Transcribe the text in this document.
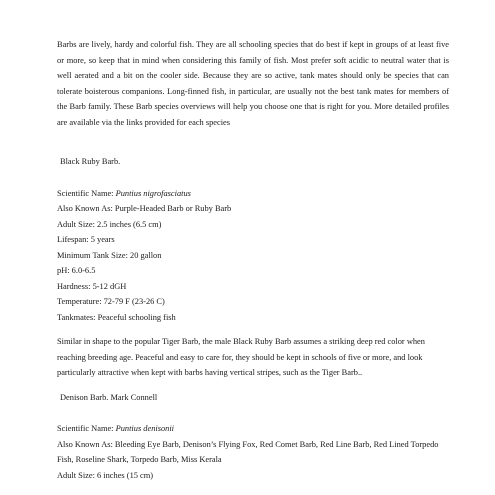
Barbs are lively, hardy and colorful fish. They are all schooling species that do best if kept in groups of at least five or more, so keep that in mind when considering this family of fish. Most prefer soft acidic to neutral water that is well aerated and a bit on the cooler side. Because they are so active, tank mates should only be species that can tolerate boisterous companions. Long-finned fish, in particular, are usually not the best tank mates for members of the Barb family. These Barb species overviews will help you choose one that is right for you. More detailed profiles are available via the links provided for each species

Black Ruby Barb.

Scientific Name: Puntius nigrofasciatus

Also Known As: Purple-Headed Barb or Ruby Barb

Adult Size: 2.5 inches (6.5 cm)

Lifespan: 5 years

Minimum Tank Size: 20 gallon

pH: 6.0-6.5

Hardness: 5-12 dGH

Temperature: 72-79 F (23-26 C)

Tankmates: Peaceful schooling fish

Similar in shape to the popular Tiger Barb, the male Black Ruby Barb assumes a striking deep red color when reaching breeding age. Peaceful and easy to care for, they should be kept in schools of five or more, and look particularly attractive when kept with barbs having vertical stripes, such as the Tiger Barb..

Denison Barb. Mark Connell

Scientific Name: Puntius denisonii

Also Known As: Bleeding Eye Barb, Denison’s Flying Fox, Red Comet Barb, Red Line Barb, Red Lined Torpedo Fish, Roseline Shark, Torpedo Barb, Miss Kerala

Adult Size: 6 inches (15 cm)
